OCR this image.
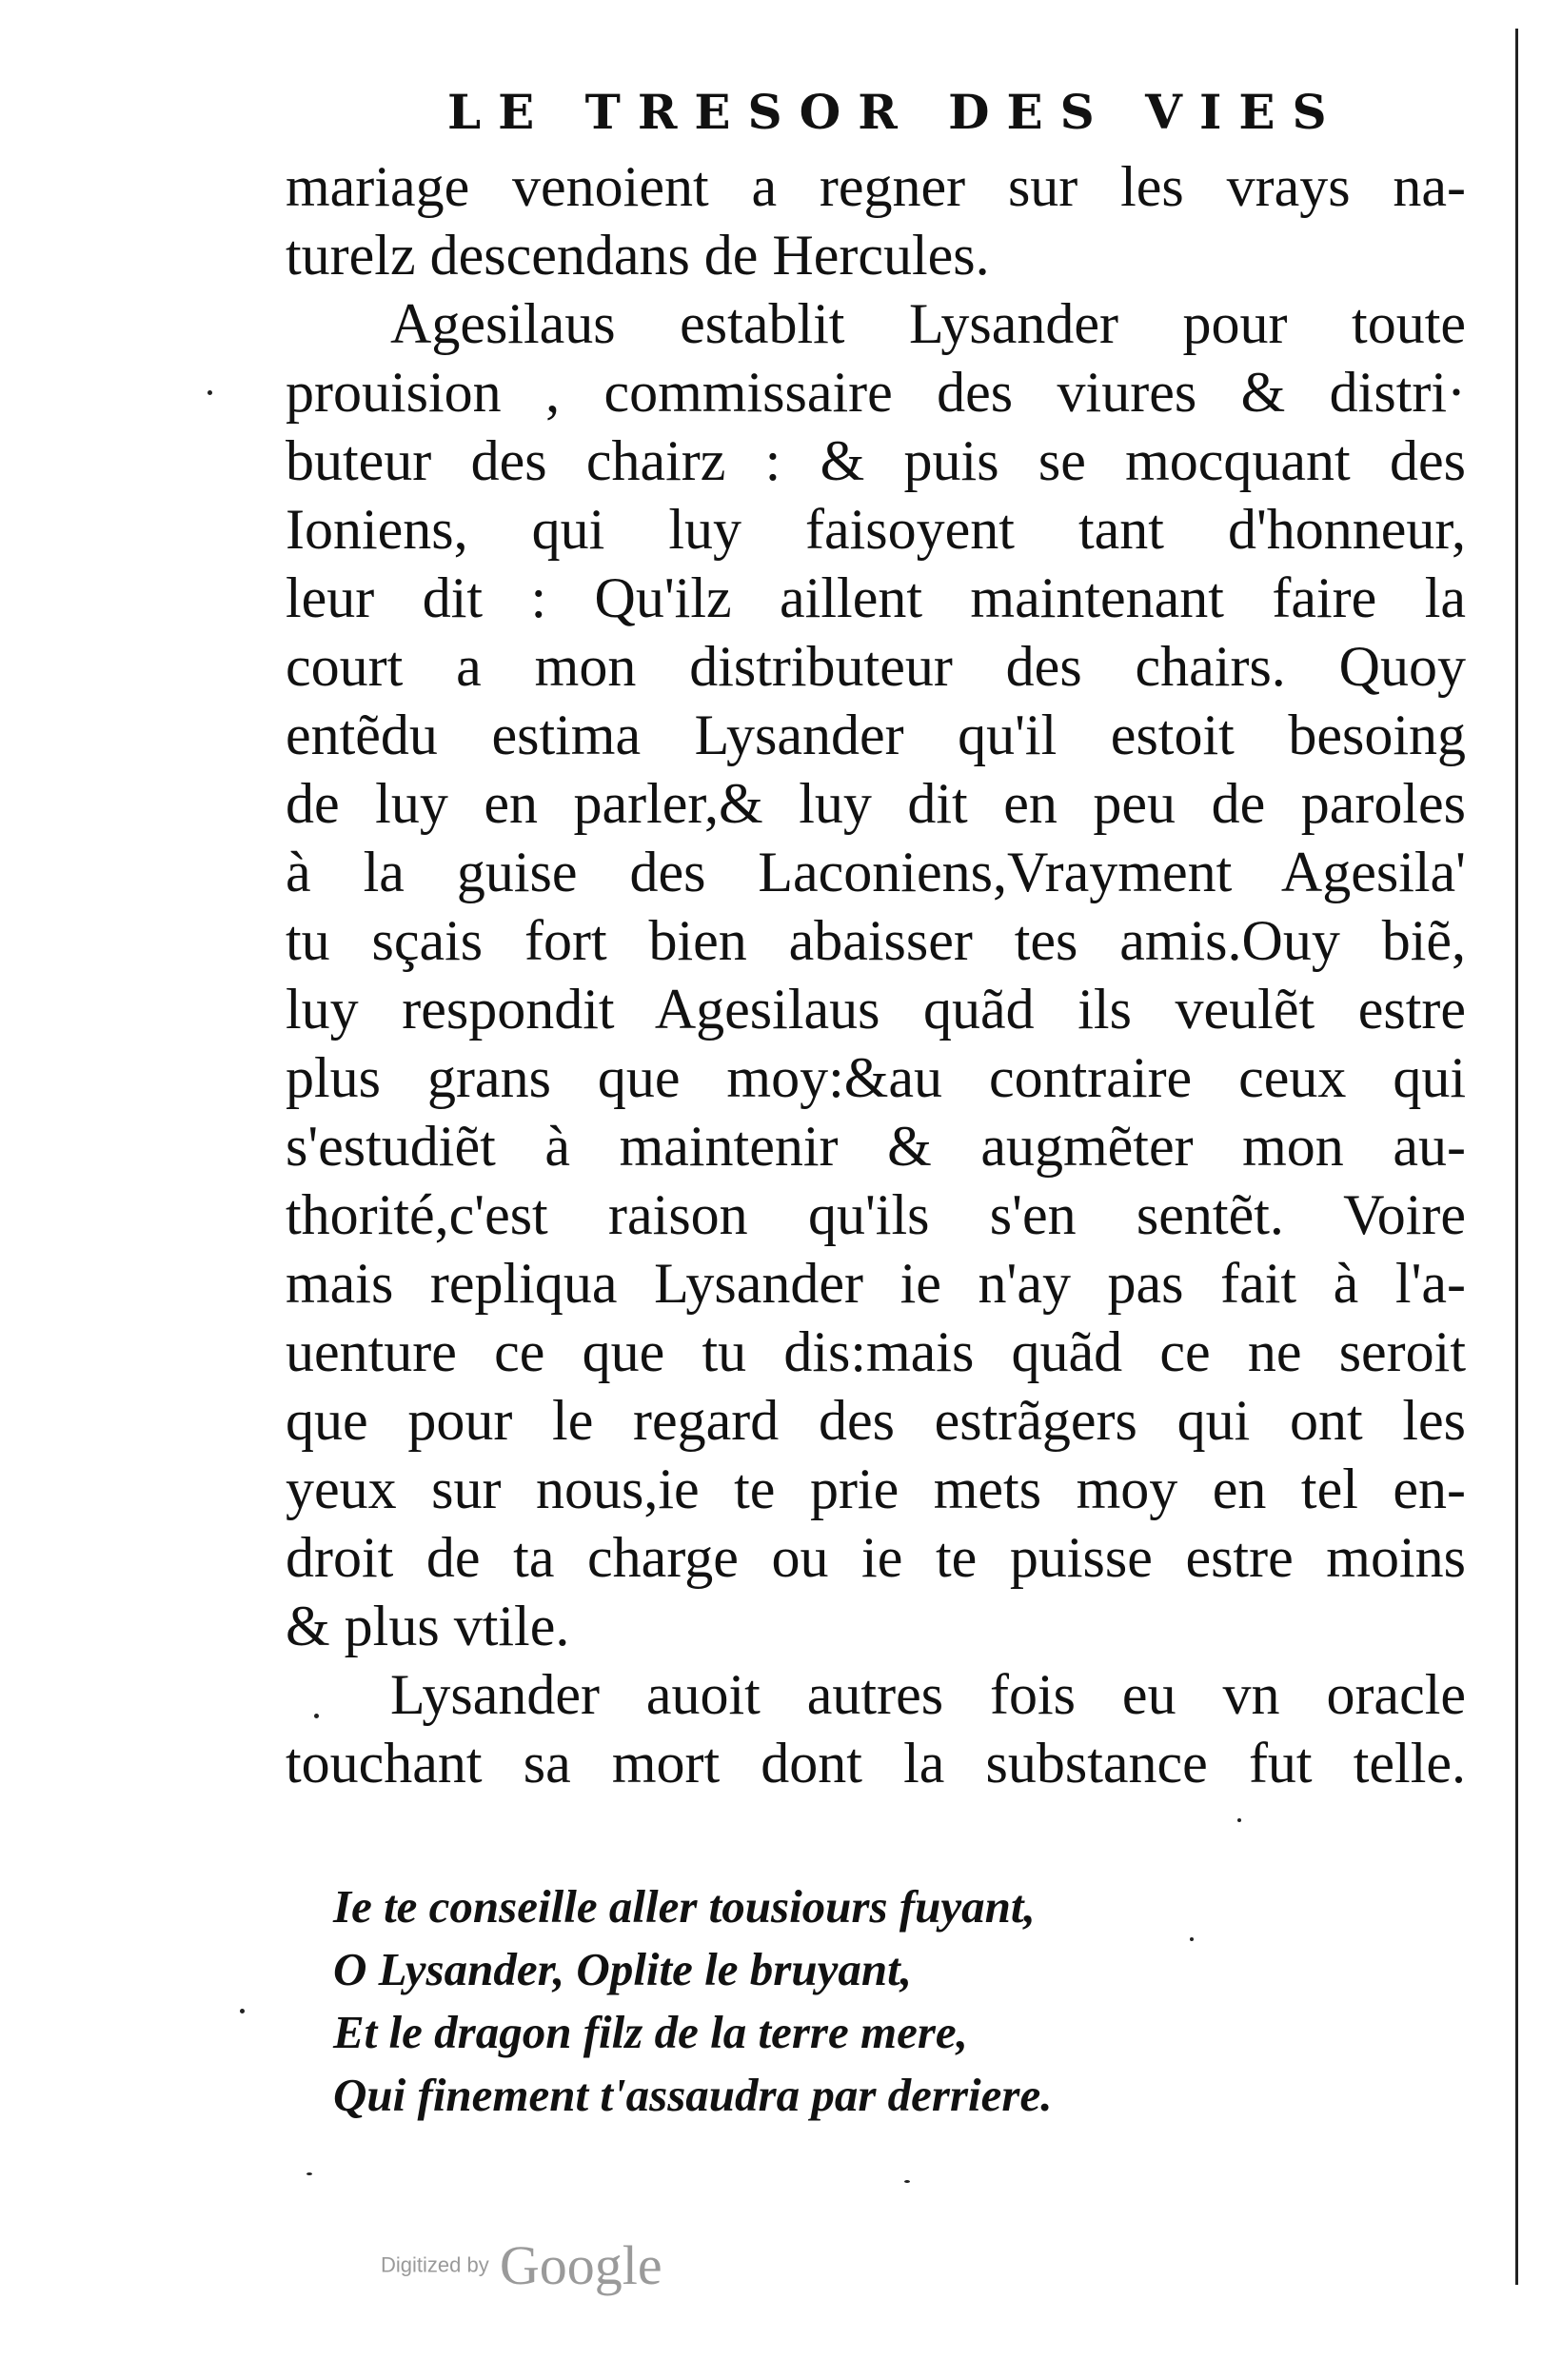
LE TRESOR DES VIES
mariage venoient a regner sur les vrays na-
turelz descendans de Hercules.
Agesilaus establit Lysander pour toute
prouision , commissaire des viures & distri·
buteur des chairz : & puis se mocquant des
Ioniens, qui luy faisoyent tant d'honneur,
leur dit : Qu'ilz aillent maintenant faire la
court a mon distributeur des chairs. Quoy
entẽdu estima Lysander qu'il estoit besoing
de luy en parler,& luy dit en peu de paroles
à la guise des Laconiens,Vrayment Agesila'
tu sçais fort bien abaisser tes amis.Ouy biẽ,
luy respondit Agesilaus quãd ils veulẽt estre
plus grans que moy:&au contraire ceux qui
s'estudiẽt à maintenir & augmẽter mon au-
thorité,c'est raison qu'ils s'en sentẽt. Voire
mais repliqua Lysander ie n'ay pas fait à l'a-
uenture ce que tu dis:mais quãd ce ne seroit
que pour le regard des estrãgers qui ont les
yeux sur nous,ie te prie mets moy en tel en-
droit de ta charge ou ie te puisse estre moins
& plus vtile.
Lysander auoit autres fois eu vn oracle
touchant sa mort dont la substance fut telle.
Ie te conseille aller tousiours fuyant,
O Lysander, Oplite le bruyant,
Et le dragon filz de la terre mere,
Qui finement t'assaudra par derriere.
Digitized by Google
